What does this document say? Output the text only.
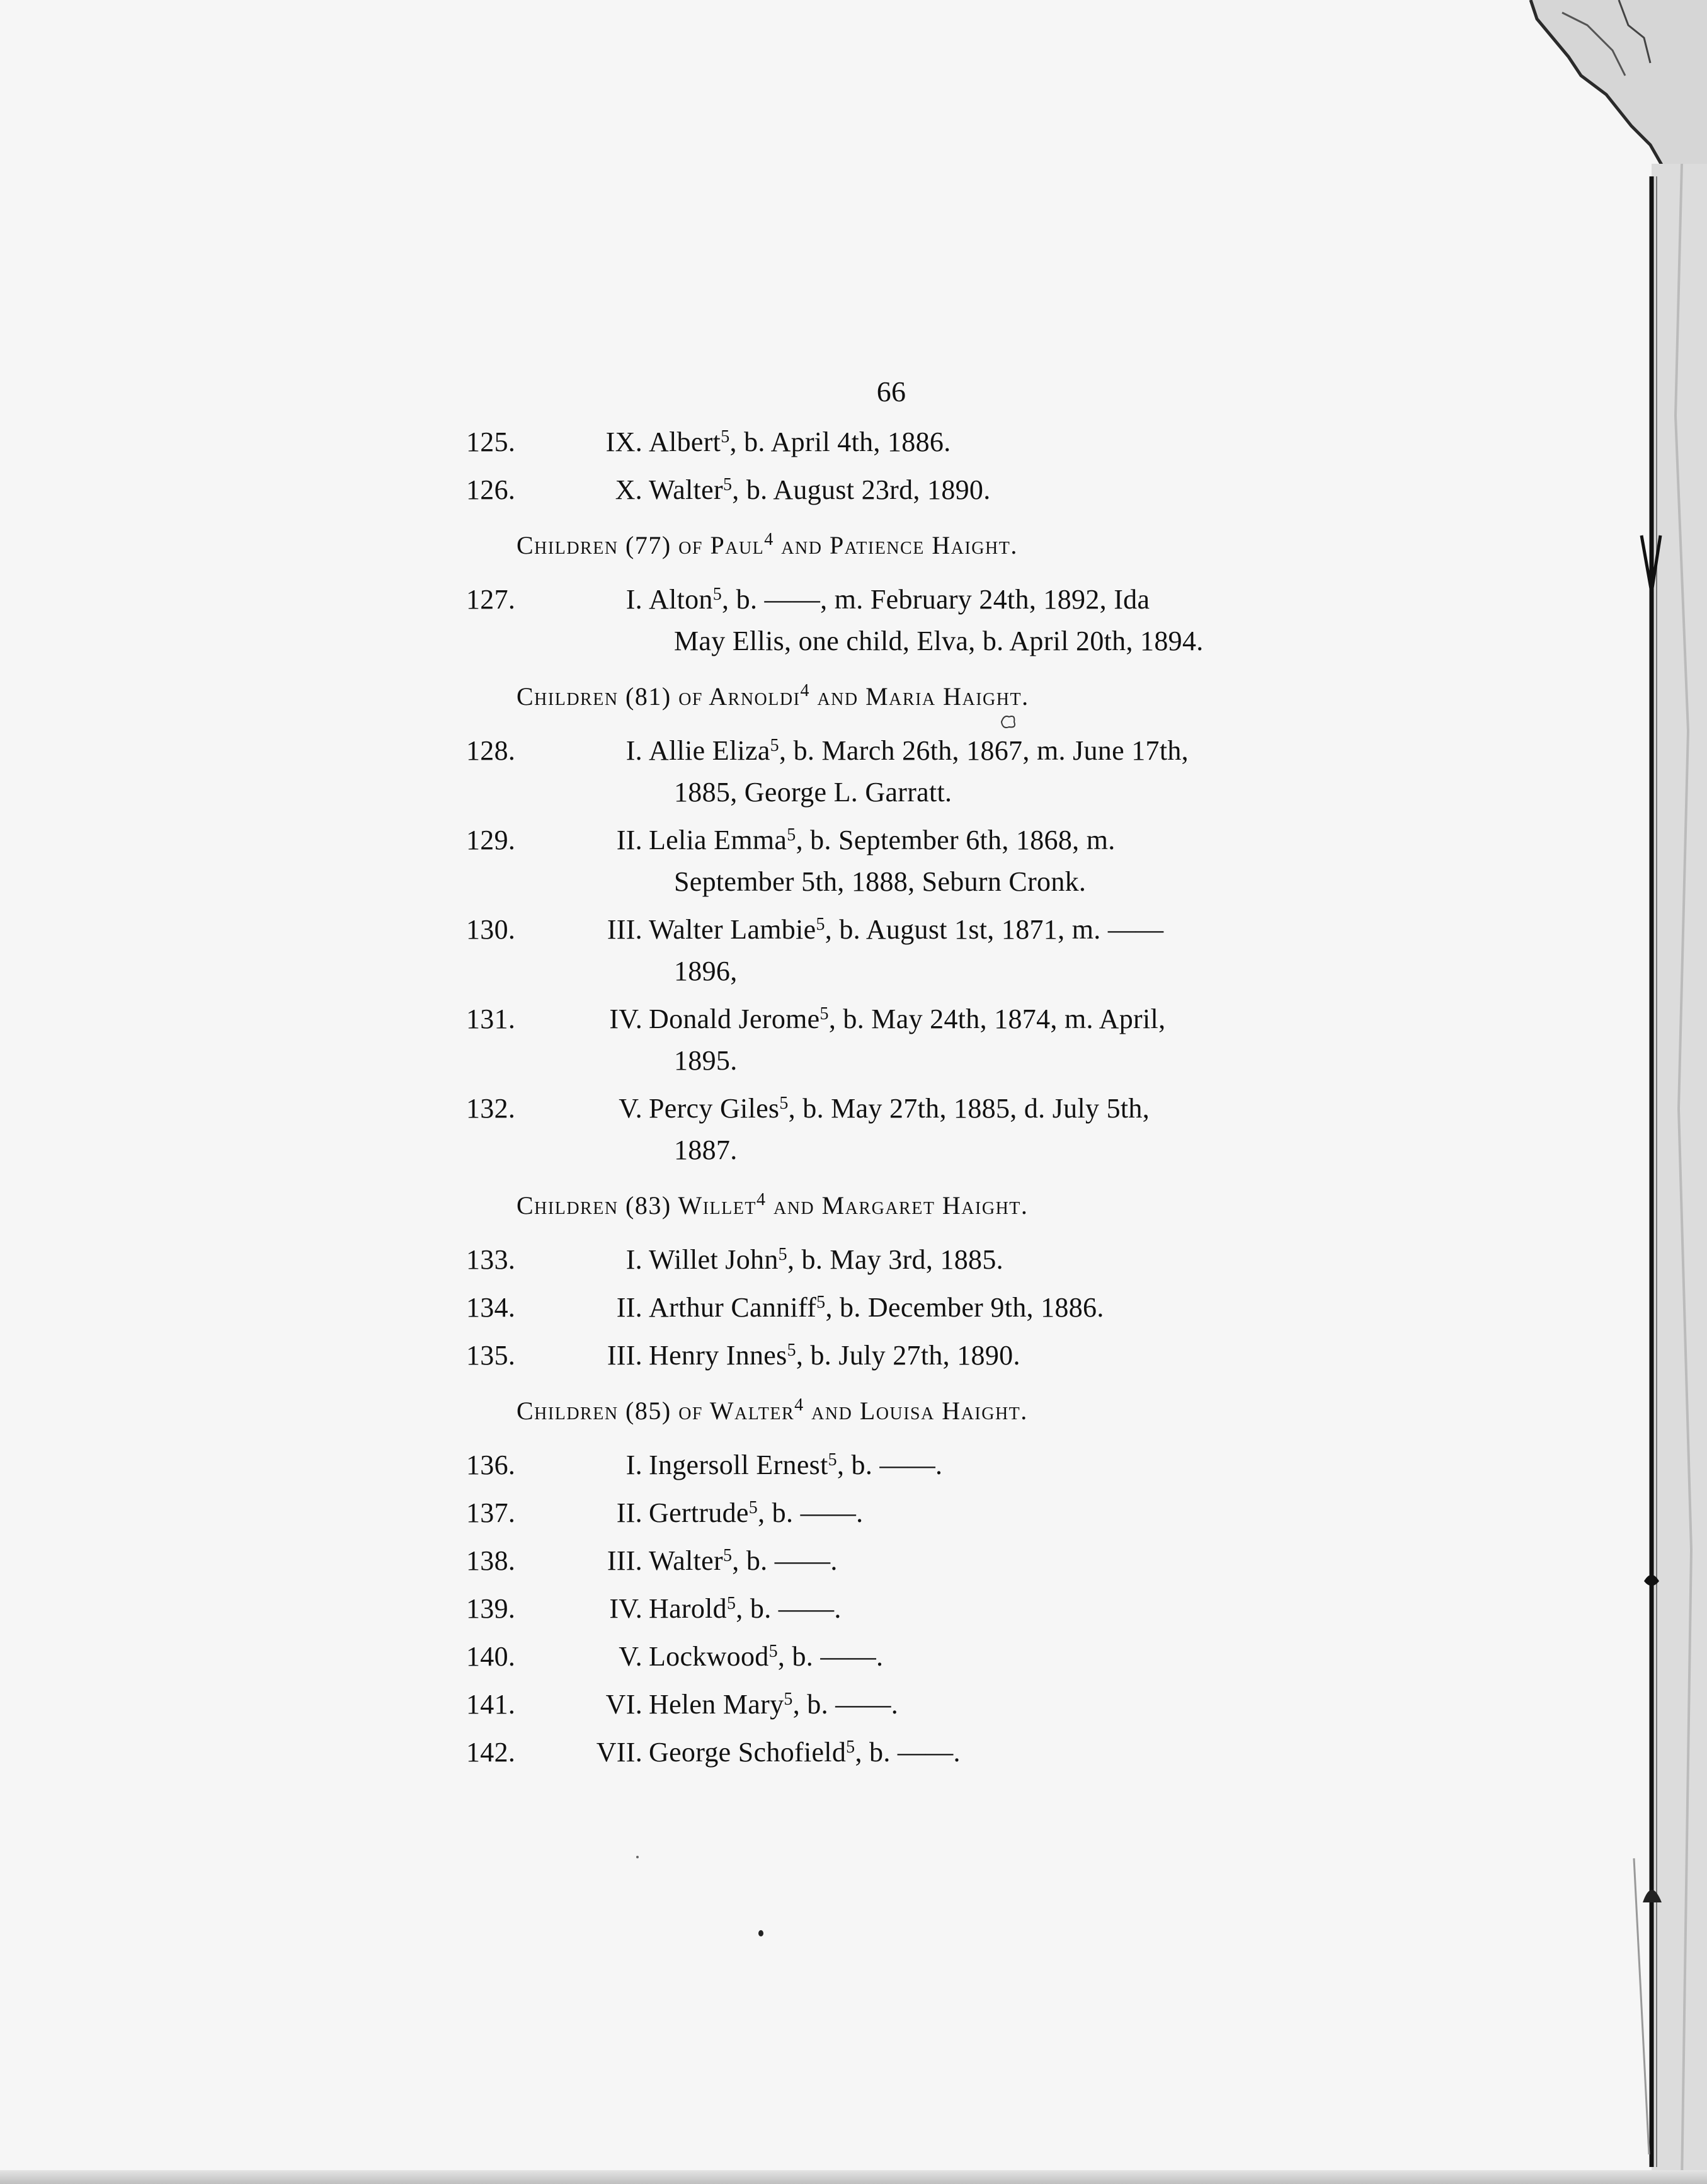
66
125.	IX. Albert$^5$, b. April 4th, 1886.
126.	X. Walter$^5$, b. August 23rd, 1890.
Children (77) of Paul$^4$ and Patience Haight.
127.	I. Alton$^5$, b. ——, m. February 24th, 1892, Ida
May Ellis, one child, Elva, b. April 20th, 1894.
Children (81) of Arnoldi$^4$ and Maria Haight.
128.	I. Allie Eliza$^5$, b. March 26th, 1867, m. June 17th,
1885, George L. Garratt.
129.	II. Lelia Emma$^5$, b. September 6th, 1868, m.
September 5th, 1888, Seburn Cronk.
130.	III. Walter Lambie$^5$, b. August 1st, 1871, m. ——
1896,
131.	IV. Donald Jerome$^5$, b. May 24th, 1874, m. April,
1895.
132.	V. Percy Giles$^5$, b. May 27th, 1885, d. July 5th,
1887.
Children (83) Willet$^4$ and Margaret Haight.
133.	I. Willet John$^5$, b. May 3rd, 1885.
134.	II. Arthur Canniff$^5$, b. December 9th, 1886.
135.	III. Henry Innes$^5$, b. July 27th, 1890.
Children (85) of Walter$^4$ and Louisa Haight.
136.	I. Ingersoll Ernest$^5$, b. ——.
137.	II. Gertrude$^5$, b. ——.
138.	III. Walter$^5$, b. ——.
139.	IV. Harold$^5$, b. ——.
140.	V. Lockwood$^5$, b. ——.
141.	VI. Helen Mary$^5$, b. ——.
142.	VII. George Schofield$^5$, b. ——.
